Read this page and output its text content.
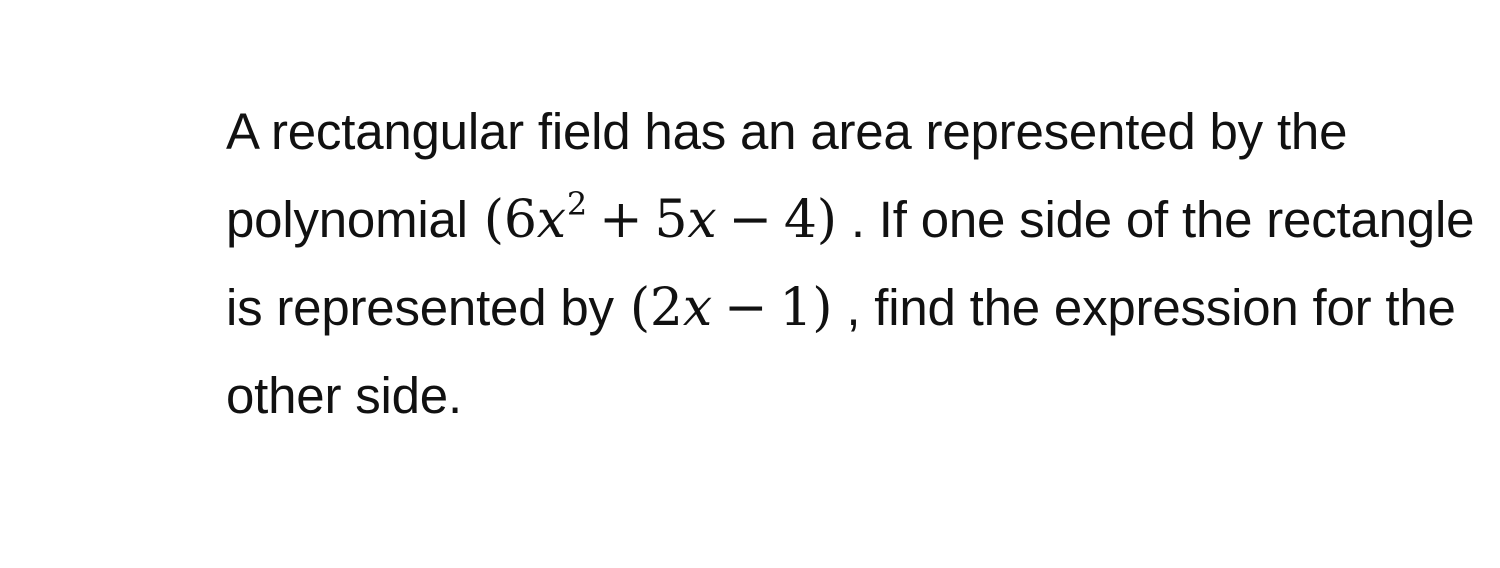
A rectangular field has an area represented by the polynomial $(6x^2 + 5x - 4)$ . If one side of the rectangle is represented by (2x − 1) , find the expression for the other side.
